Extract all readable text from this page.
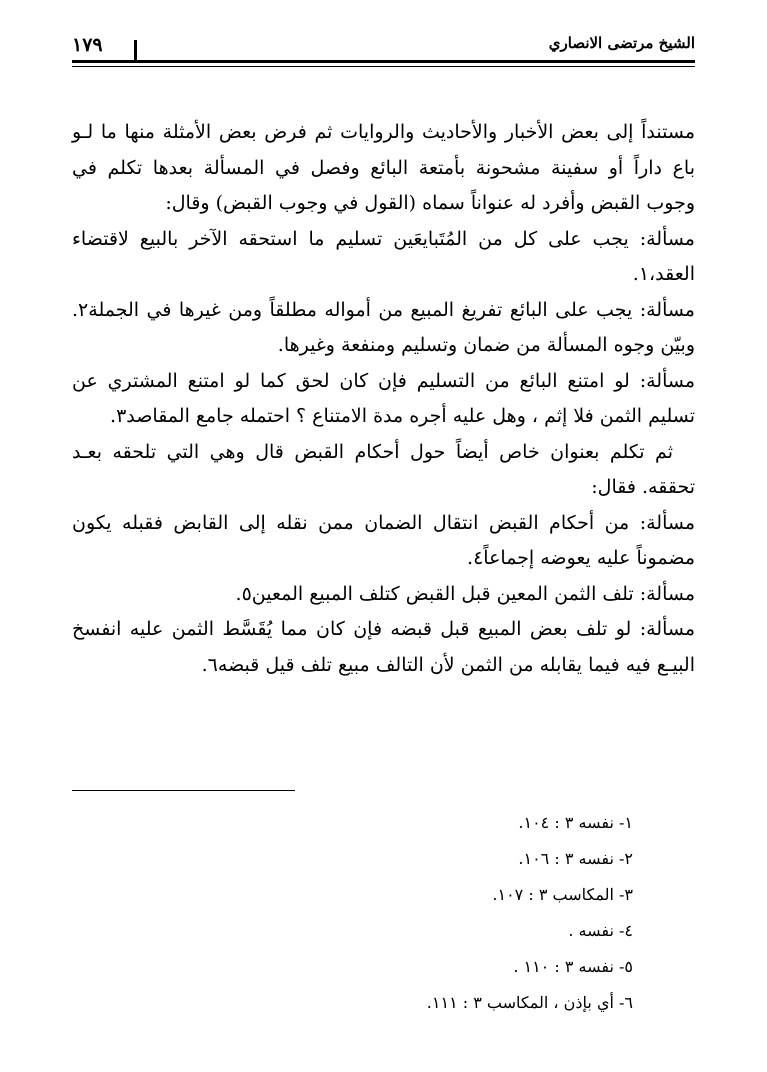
الشيخ مرتضى الانصاري
١٧٩

مستنداً إلى بعض الأخبار والأحاديث والروايات ثم فرض بعض الأمثلة منها ما لـو باع داراً أو سفينة مشحونة بأمتعة البائع وفصل في المسألة بعدها تكلم في وجوب القبض وأفرد له عنواناً سماه (القول في وجوب القبض) وقال:

مسألة: يجب على كل من المُتَبايعَين تسليم ما استحقه الآخر بالبيع لاقتضاء العقد،١.

مسألة: يجب على البائع تفريغ المبيع من أمواله مطلقاً ومن غيرها في الجملة٢. وبيّن وجوه المسألة من ضمان وتسليم ومنفعة وغيرها.

مسألة: لو امتنع البائع من التسليم فإن كان لحق كما لو امتنع المشتري عن تسليم الثمن فلا إثم ، وهل عليه أجره مدة الامتناع ؟ احتمله جامع المقاصد٣.

ثم تكلم بعنوان خاص أيضاً حول أحكام القبض قال وهي التي تلحقه بعـد تحققه. فقال:

مسألة: من أحكام القبض انتقال الضمان ممن نقله إلى القابض فقبله يكون مضموناً عليه يعوضه إجماعاً٤.

مسألة: تلف الثمن المعين قبل القبض كتلف المبيع المعين٥.

مسألة: لو تلف بعض المبيع قبل قبضه فإن كان مما يُقَسَّط الثمن عليه انفسخ البيـع فيه فيما يقابله من الثمن لأن التالف مبيع تلف قيل قبضه٦.

١- نفسه ٣ : ١٠٤.

٢- نفسه ٣ : ١٠٦.

٣- المكاسب ٣ : ١٠٧.

٤- نفسه .

٥- نفسه ٣ : ١١٠ .

٦- أي بإذن ، المكاسب ٣ : ١١١.
